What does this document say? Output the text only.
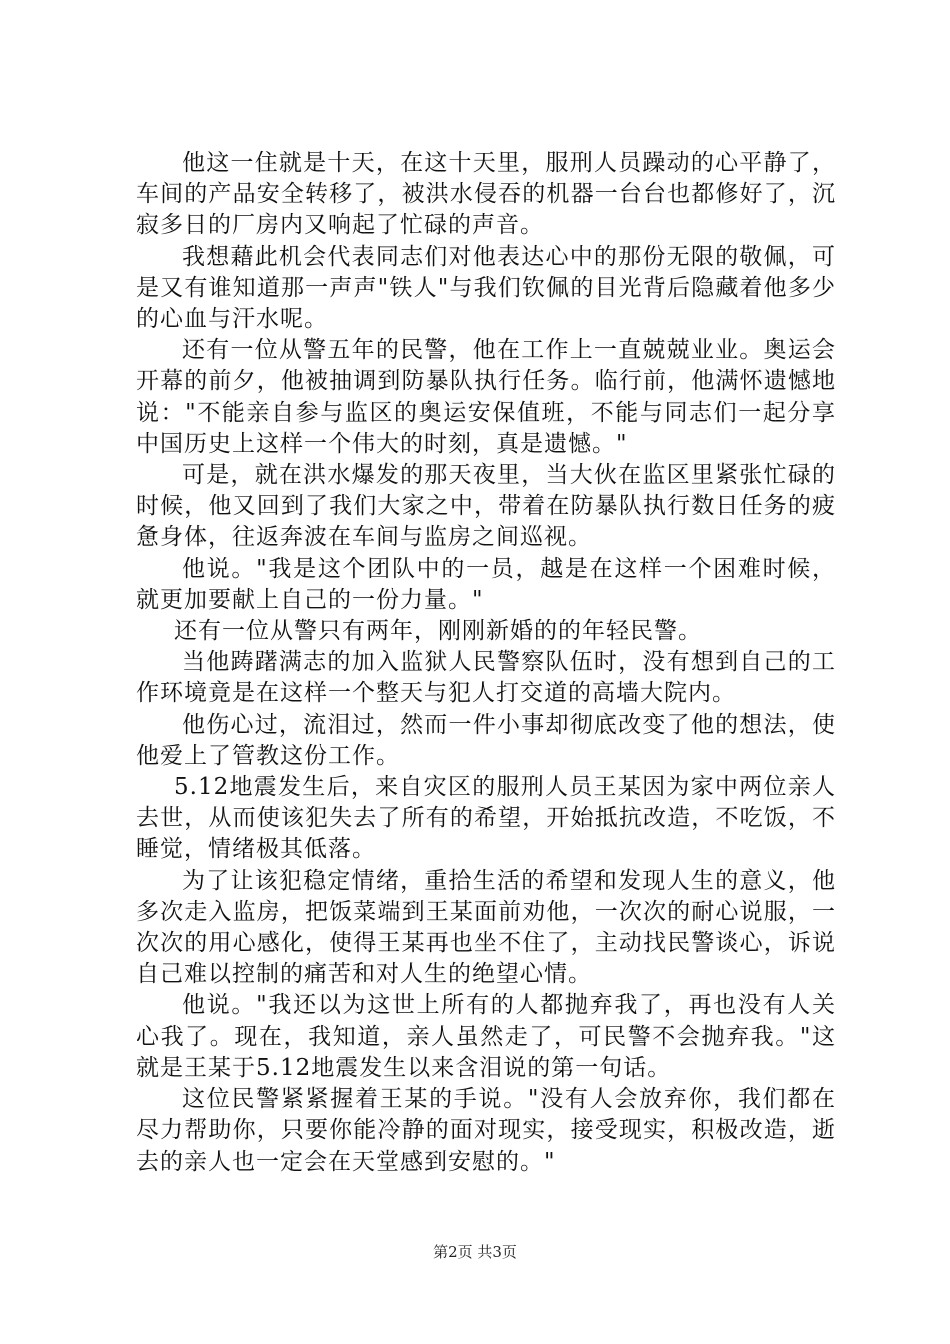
他这一住就是十天，在这十天里，服刑人员躁动的心平静了，车间的产品安全转移了，被洪水侵吞的机器一台台也都修好了，沉寂多日的厂房内又响起了忙碌的声音。

我想藉此机会代表同志们对他表达心中的那份无限的敬佩，可是又有谁知道那一声声"铁人"与我们钦佩的目光背后隐藏着他多少的心血与汗水呢。

还有一位从警五年的民警，他在工作上一直兢兢业业。奥运会开幕的前夕，他被抽调到防暴队执行任务。临行前，他满怀遗憾地说："不能亲自参与监区的奥运安保值班，不能与同志们一起分享中国历史上这样一个伟大的时刻，真是遗憾。"

可是，就在洪水爆发的那天夜里，当大伙在监区里紧张忙碌的时候，他又回到了我们大家之中，带着在防暴队执行数日任务的疲惫身体，往返奔波在车间与监房之间巡视。

他说。"我是这个团队中的一员，越是在这样一个困难时候，就更加要献上自己的一份力量。"

还有一位从警只有两年，刚刚新婚的的年轻民警。

当他踌躇满志的加入监狱人民警察队伍时，没有想到自己的工作环境竟是在这样一个整天与犯人打交道的高墙大院内。

他伤心过，流泪过，然而一件小事却彻底改变了他的想法，使他爱上了管教这份工作。

5.12地震发生后，来自灾区的服刑人员王某因为家中两位亲人去世，从而使该犯失去了所有的希望，开始抵抗改造，不吃饭，不睡觉，情绪极其低落。

为了让该犯稳定情绪，重拾生活的希望和发现人生的意义，他多次走入监房，把饭菜端到王某面前劝他，一次次的耐心说服，一次次的用心感化，使得王某再也坐不住了，主动找民警谈心，诉说自己难以控制的痛苦和对人生的绝望心情。

他说。"我还以为这世上所有的人都抛弃我了，再也没有人关心我了。现在，我知道，亲人虽然走了，可民警不会抛弃我。"这就是王某于5.12地震发生以来含泪说的第一句话。

这位民警紧紧握着王某的手说。"没有人会放弃你，我们都在尽力帮助你，只要你能冷静的面对现实，接受现实，积极改造，逝去的亲人也一定会在天堂感到安慰的。"

第2页 共3页
